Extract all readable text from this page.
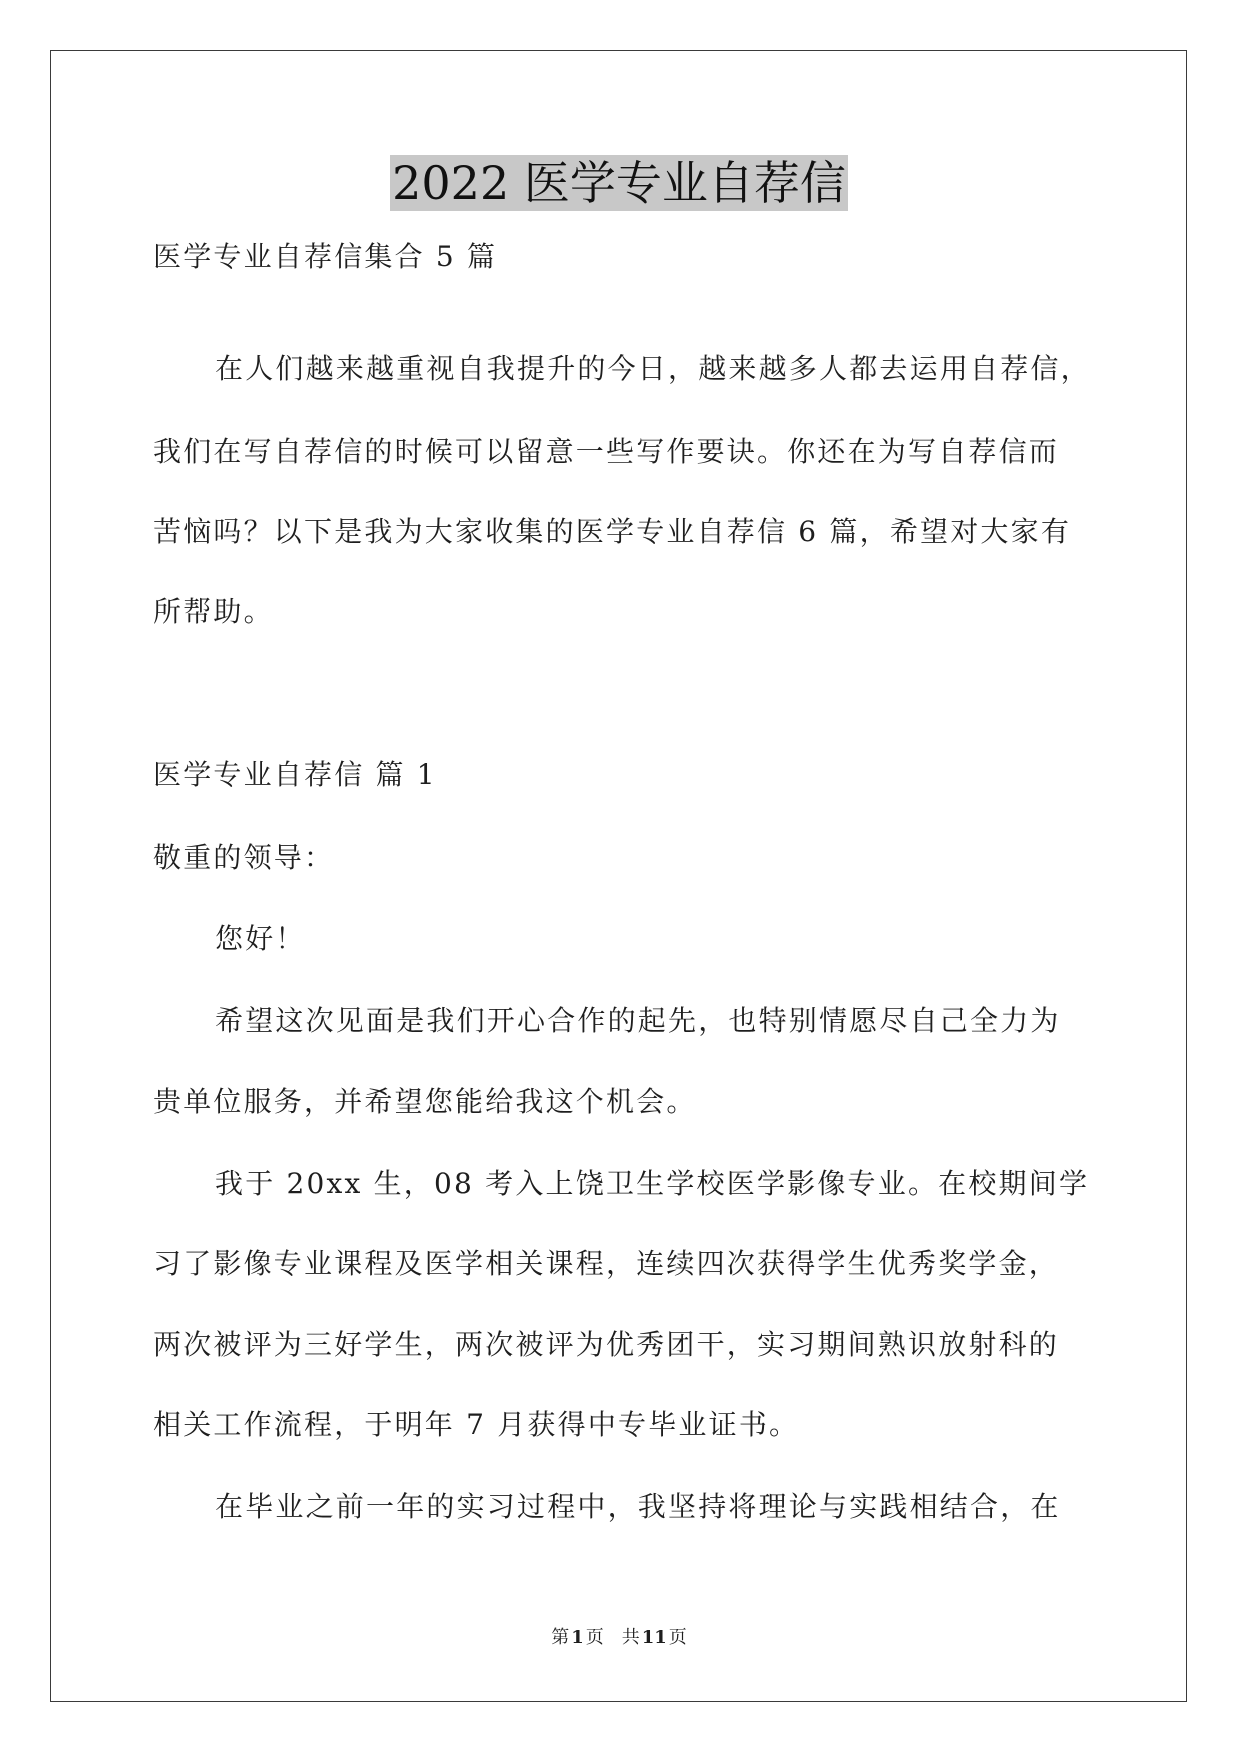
2022 医学专业自荐信
医学专业自荐信集合 5 篇
在人们越来越重视自我提升的今日，越来越多人都去运用自荐信，
我们在写自荐信的时候可以留意一些写作要诀。你还在为写自荐信而
苦恼吗？以下是我为大家收集的医学专业自荐信 6 篇，希望对大家有
所帮助。
医学专业自荐信 篇 1
敬重的领导：
您好！
希望这次见面是我们开心合作的起先，也特别情愿尽自己全力为
贵单位服务，并希望您能给我这个机会。
我于 20xx 生，08 考入上饶卫生学校医学影像专业。在校期间学
习了影像专业课程及医学相关课程，连续四次获得学生优秀奖学金，
两次被评为三好学生，两次被评为优秀团干，实习期间熟识放射科的
相关工作流程，于明年 7 月获得中专毕业证书。
在毕业之前一年的实习过程中，我坚持将理论与实践相结合，在
第 1 页 共 11 页
